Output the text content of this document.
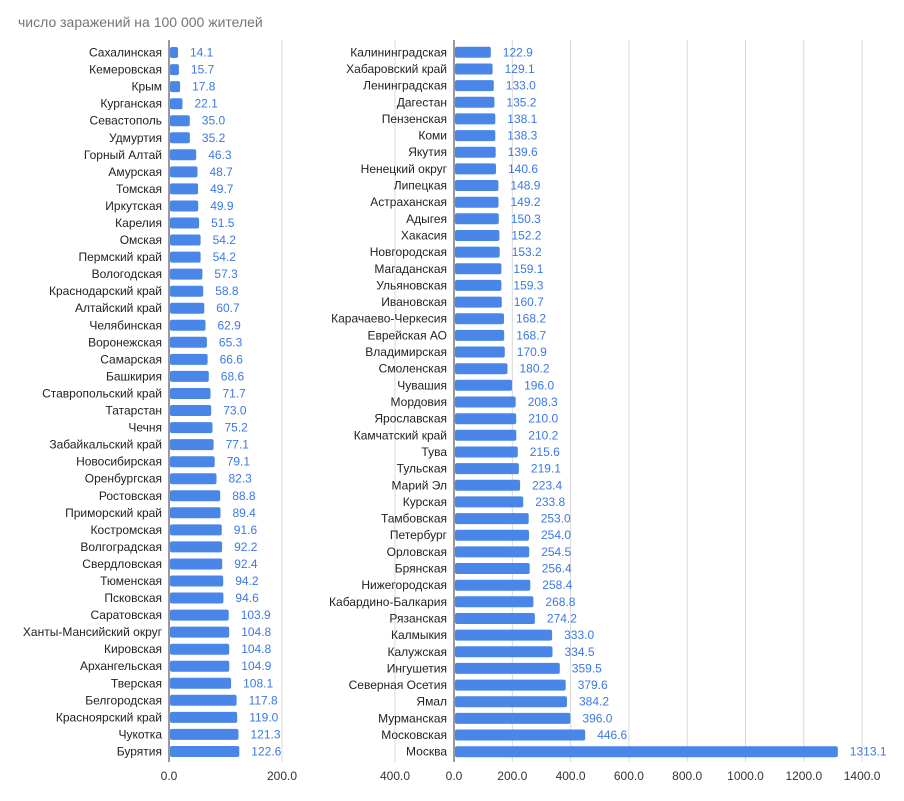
число заражений на 100 000 жителей
Сахалинская 14.1
Кемеровская 15.7
Крым	17.8
Курганская	22.1
Севастополь	35.0
Удмуртия	35.2
Горный Алтай	46.3
Амурская	48.7
Томская	49.7
Иркутская	49.9
Карелия	51.5
Омская	54.2
Пермский край	54.2
Вологодская	57.3
Краснодарский край	58.8
Алтайский край	60.7
Челябинская	62.9
Воронежская	65.3
Самарская	66.6
Башкирия	68.6
Ставропольский край	71.7
Татарстан	73.0
Чечня	75.2
Забайкальский край	77.1
Новосибирская	79.1
Оренбургская	82.3
Ростовская	88.8
Приморский край	89.4
Костромская	91.6
Волгоградская	92.2
Свердловская	92.4
Тюменская	94.2
Псковская	94.6
Саратовская	103.9
Ханты-Мансийский округ	104.8
Кировская	104.8
Архангельская	104.9
Тверская	108.1
Белгородская	117.8
Красноярский край	119.0
Чукотка	121.3
Бурятия	122.6
0.0	200.0	400.0
Калининградская	122.9
Хабаровский край	129.1
Ленинградская	133.0
Дагестан	135.2
Пензенская	138.1
Коми	138.3
Якутия	139.6
Ненецкий округ	140.6
Липецкая	148.9
Астраханская	149.2
Адыгея	150.3
Хакасия	152.2
Новгородская	153.2
Магаданская	159.1
Ульяновская	159.3
Ивановская	160.7
Карачаево-Черкесия	168.2
Еврейская АО	168.7
Владимирская	170.9
Смоленская	180.2
Чувашия	196.0
Мордовия	208.3
Ярославская	210.0
Камчатский край	210.2
Тува	215.6
Тульская	219.1
Марий Эл	223.4
Курская	233.8
Тамбовская	253.0
Петербург	254.0
Орловская	254.5
Брянская	256.4
Нижегородская	258.4
Кабардино-Балкария	268.8
Рязанская	274.2
Калмыкия	333.0
Калужская	334.5
Ингушетия	359.5
Северная Осетия	379.6
Ямал	384.2
Мурманская	396.0
Московская	446.6
Москва	1313.1
0.0	200.0 400.0 600.0 800.0 1000.0 1200.0 1400.0
